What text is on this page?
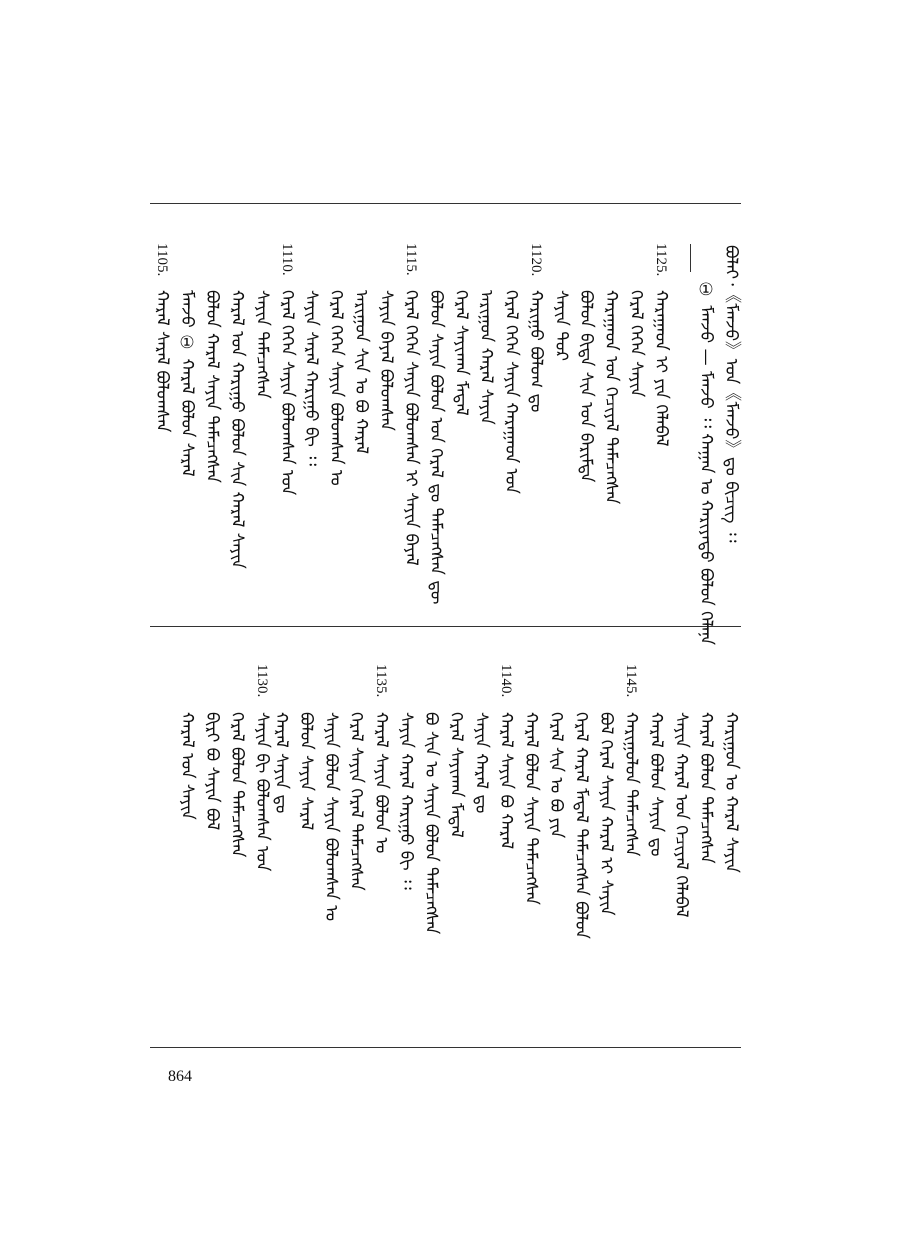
ᠪᠣᠯᠠᠶ᠂《ᠮᠠᠨᠵᠤ》ᠤᠨ《ᠮᠠᠨᠵᠤ》ᠳᠤ ᠪᠢᠴᠢᠭ᠌ ᠄᠄
① ᠮᠠᠨᠵᠤ — ᠮᠠᠨᠵᠤ ᠄᠄ ᠬᠠᠭᠠᠨ ᠤ ᠬᠠᠷᠢᠶᠠᠲᠤ ᠪᠣᠯᠤᠨ ᠬᠡᠯᠡᠨᠡ
1125.
1120.
1115.
1110.
1105.
ᠬᠠᠷᠠᠭᠠᠳ ᠢ ᠶᠢᠨ ᠬᠡᠯᠡᠪᠡᠯ
ᠭᠡᠷᠡᠯ ᠭᠡᠭᠡᠨ ᠰᠠᠶᠢᠨ
ᠬᠠᠷᠠᠭᠠᠳ ᠤᠨ ᠬᠡᠴᠢᠶᠡᠯ ᠲᠡᠮᠡᠴᠡᠭᠰᠡᠨ
ᠪᠣᠯᠤᠨ ᠪᠢᠳᠡ ᠰᠢᠨ ᠤᠨ ᠪᠠᠷᠢᠮᠲᠠ
ᠰᠠᠶᠢᠨ ᠳᠤᠷ
ᠬᠠᠷᠢᠭᠤ ᠪᠣᠯᠤᠭ ᠳᠤ
ᠭᠡᠷᠡᠯ ᠭᠡᠭᠡᠨ ᠰᠠᠶᠢᠨ ᠬᠠᠷᠠᠭᠠᠳ ᠤᠨ
ᠠᠷᠢᠭᠤᠨ ᠬᠠᠷᠠᠯ ᠰᠠᠶᠢᠨ
ᠭᠡᠷᠡᠯ ᠰᠠᠶᠢᠬᠠᠨ ᠮᠡᠳᠡᠯ
ᠪᠣᠯᠤᠨ ᠰᠠᠶᠢᠨ ᠪᠣᠯᠤᠨ ᠤᠨ ᠭᠡᠷᠡᠯ ᠳᠤ ᠲᠡᠮᠡᠴᠡᠭᠰᠡᠨ ᠳᠦ
ᠭᠡᠷᠡᠯ ᠭᠡᠭᠡᠨ ᠰᠠᠶᠢᠨ ᠪᠣᠯᠤᠭᠰᠠᠨ ᠢ ᠰᠠᠶᠢᠨ ᠪᠠᠶᠠᠯ
ᠰᠠᠶᠢᠨ ᠪᠠᠶᠠᠯ ᠪᠣᠯᠤᠭᠰᠠᠨ
ᠠᠷᠢᠭᠤᠨ ᠰᠢᠨ ᠤ ᠪᠣ ᠬᠠᠷᠠᠯ
ᠭᠡᠷᠡᠯ ᠭᠡᠭᠡᠨ ᠰᠠᠶᠢᠨ ᠪᠣᠯᠤᠭᠰᠠᠨ ᠤ
ᠰᠠᠶᠢᠨ ᠰᠠᠷᠠᠯ ᠬᠠᠷᠢᠭᠤ ᠪᠢ ᠄᠄
ᠭᠡᠷᠡᠯ ᠭᠡᠭᠡᠨ ᠰᠠᠶᠢᠨ ᠪᠣᠯᠤᠭᠰᠠᠨ ᠤᠨ
ᠰᠠᠶᠢᠨ ᠲᠡᠮᠡᠴᠡᠭᠰᠡᠨ
ᠬᠠᠷᠠᠯ ᠤᠨ ᠬᠠᠷᠢᠭᠤ ᠪᠣᠯᠤᠨ ᠰᠢᠨ ᠬᠠᠷᠠᠯ ᠰᠠᠶᠢᠨ
ᠪᠣᠯᠤᠨ ᠬᠠᠷᠠᠯ ᠰᠠᠶᠢᠨ ᠲᠡᠮᠡᠴᠡᠭᠰᠡᠨ
ᠮᠠᠨᠵᠤ ① ᠬᠠᠷᠠᠯ ᠪᠣᠯᠤᠨ ᠰᠠᠷᠠᠯ
ᠬᠠᠷᠠᠯ ᠰᠠᠷᠠᠯ ᠪᠣᠯᠤᠭᠰᠠᠨ
1145.
1140.
1135.
1130.
ᠬᠠᠷᠢᠭᠤᠨ ᠤ ᠬᠠᠷᠠᠯ ᠰᠠᠶᠢᠨ
ᠬᠠᠷᠠᠯ ᠪᠣᠯᠤᠨ ᠲᠡᠮᠡᠴᠡᠭᠰᠡᠨ
ᠰᠠᠶᠢᠨ ᠬᠠᠷᠠᠯ ᠤᠨ ᠬᠡᠴᠢᠶᠡᠯ ᠬᠡᠯᠡᠪᠡᠯ
ᠬᠠᠷᠠᠯ ᠪᠣᠯᠤᠨ ᠰᠠᠶᠢᠨ ᠳᠤ
ᠬᠠᠷᠢᠭᠤᠯᠤᠨ ᠲᠡᠮᠡᠴᠡᠭᠰᠡᠨ
ᠪᠣᠯ ᠭᠡᠷᠡᠯ ᠰᠠᠶᠢᠨ ᠬᠠᠷᠠᠯ ᠢ ᠰᠠᠶᠢᠨ
ᠭᠡᠷᠡᠯ ᠬᠠᠷᠠᠯ ᠮᠡᠳᠡᠯ ᠲᠡᠮᠡᠴᠡᠭᠰᠡᠨ ᠪᠣᠯᠤᠨ
ᠭᠡᠷᠡᠯ ᠰᠢᠨ ᠤ ᠪᠣ ᠶᠢᠨ
ᠬᠠᠷᠠᠯ ᠪᠣᠯᠤᠨ ᠰᠠᠶᠢᠨ ᠲᠡᠮᠡᠴᠡᠭᠰᠡᠨ
ᠬᠠᠷᠠᠯ ᠰᠠᠶᠢᠨ ᠪᠣ ᠬᠠᠷᠠᠯ
ᠰᠠᠶᠢᠨ ᠬᠠᠷᠠᠯ ᠳᠤ
ᠭᠡᠷᠡᠯ ᠰᠠᠶᠢᠬᠠᠨ ᠮᠡᠳᠡᠯ
ᠪᠣ ᠰᠢᠨ ᠤ ᠰᠠᠶᠢᠨ ᠪᠣᠯᠤᠨ ᠲᠡᠮᠡᠴᠡᠭᠰᠡᠨ
ᠰᠠᠶᠢᠨ ᠬᠠᠷᠠᠯ ᠬᠠᠷᠢᠭᠤ ᠪᠢ ᠄᠄
ᠬᠠᠷᠠᠯ ᠰᠠᠶᠢᠨ ᠪᠣᠯᠤᠨ ᠤ
ᠭᠡᠷᠡᠯ ᠰᠠᠶᠢᠨ ᠭᠡᠷᠡᠯ ᠲᠡᠮᠡᠴᠡᠭᠰᠡᠨ
ᠰᠠᠶᠢᠨ ᠪᠣᠯᠤᠨ ᠰᠠᠶᠢᠨ ᠪᠣᠯᠤᠭᠰᠠᠨ ᠤ
ᠪᠣᠯᠤᠨ ᠰᠠᠶᠢᠨ ᠰᠠᠷᠠᠯ
ᠬᠠᠷᠠᠯ ᠰᠠᠶᠢᠨ ᠳᠤ
ᠰᠠᠶᠢᠨ ᠪᠢ ᠪᠣᠯᠤᠭᠰᠠᠨ ᠤᠨ
ᠭᠡᠷᠡᠯ ᠪᠣᠯᠤᠨ ᠲᠡᠮᠡᠴᠡᠭᠰᠡᠨ
ᠪᠢᠷᠢ ᠪᠣ ᠰᠠᠶᠢᠨ ᠪᠣᠯ
ᠬᠠᠷᠠᠯ ᠤᠨ ᠰᠠᠶᠢᠨ
864
